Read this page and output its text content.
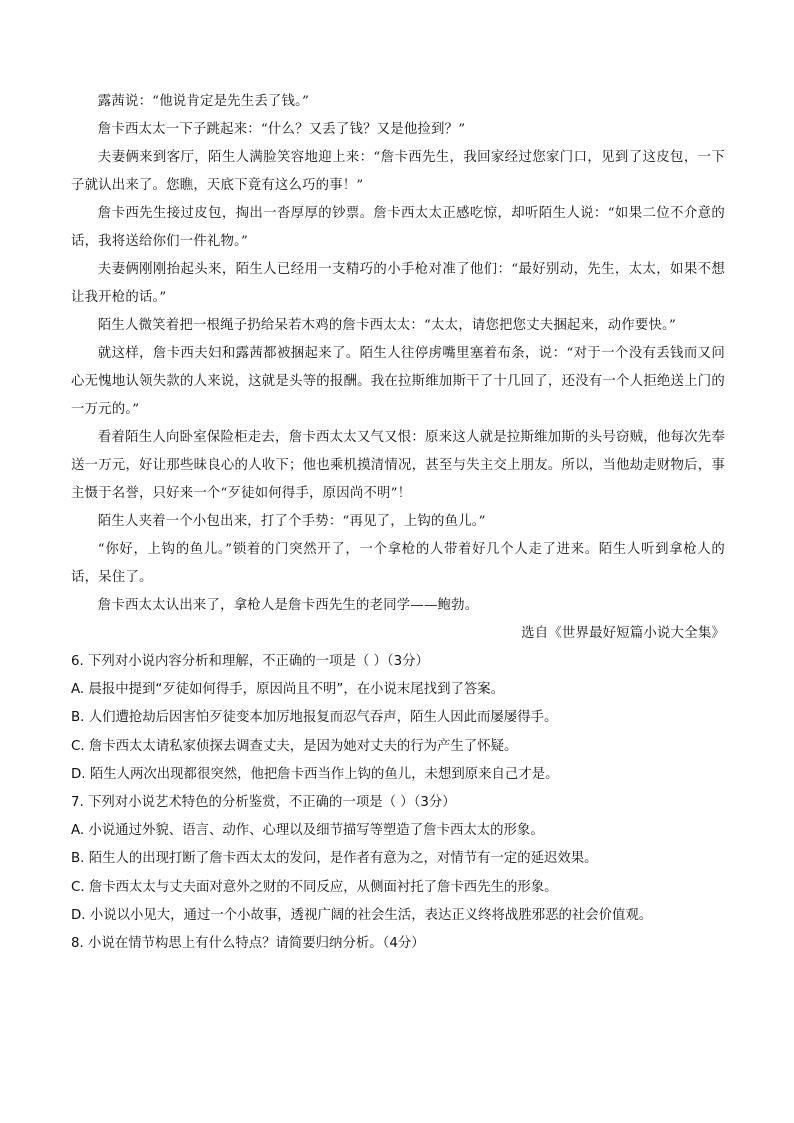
露茜说：“他说肯定是先生丢了钱。”

詹卡西太太一下子跳起来：“什么？又丢了钱？又是他捡到？”

夫妻俩来到客厅，陌生人满脸笑容地迎上来：“詹卡西先生，我回家经过您家门口，见到了这皮包，一下子就认出来了。您瞧，天底下竟有这么巧的事！”

詹卡西先生接过皮包，掏出一沓厚厚的钞票。詹卡西太太正感吃惊，却听陌生人说：“如果二位不介意的话，我将送给你们一件礼物。”

夫妻俩刚刚抬起头来，陌生人已经用一支精巧的小手枪对准了他们：“最好别动，先生，太太，如果不想让我开枪的话。”

陌生人微笑着把一根绳子扔给呆若木鸡的詹卡西太太：“太太，请您把您丈夫捆起来，动作要快。”

就这样，詹卡西夫妇和露茜都被捆起来了。陌生人往停虏嘴里塞着布条，说：“对于一个没有丢钱而又问心无愧地认领失款的人来说，这就是头等的报酬。我在拉斯维加斯干了十几回了，还没有一个人拒绝送上门的一万元的。”

看着陌生人向卧室保险柜走去，詹卡西太太又气又恨：原来这人就是拉斯维加斯的头号窃贼，他每次先奉送一万元，好让那些昧良心的人收下；他也乘机摸清情况，甚至与失主交上朋友。所以，当他劫走财物后，事主慑于名誉，只好来一个“歹徒如何得手，原因尚不明”！

陌生人夹着一个小包出来，打了个手势：“再见了，上钩的鱼儿。”

“你好，上钩的鱼儿。”锁着的门突然开了，一个拿枪的人带着好几个人走了进来。陌生人听到拿枪人的话，呆住了。

詹卡西太太认出来了，拿枪人是詹卡西先生的老同学——鲍勃。

选自《世界最好短篇小说大全集》

6. 下列对小说内容分析和理解，不正确的一项是（ ）（3分）

A. 晨报中提到“歹徒如何得手，原因尚且不明”，在小说末尾找到了答案。

B. 人们遭抢劫后因害怕歹徒变本加厉地报复而忍气吞声，陌生人因此而屡屡得手。

C. 詹卡西太太请私家侦探去调查丈夫，是因为她对丈夫的行为产生了怀疑。

D. 陌生人两次出现都很突然，他把詹卡西当作上钩的鱼儿，未想到原来自己才是。

7. 下列对小说艺术特色的分析鉴赏，不正确的一项是（ ）（3分）

A. 小说通过外貌、语言、动作、心理以及细节描写等塑造了詹卡西太太的形象。

B. 陌生人的出现打断了詹卡西太太的发问，是作者有意为之，对情节有一定的延迟效果。

C. 詹卡西太太与丈夫面对意外之财的不同反应，从侧面衬托了詹卡西先生的形象。

D. 小说以小见大，通过一个小故事，透视广阔的社会生活，表达正义终将战胜邪恶的社会价值观。

8. 小说在情节构思上有什么特点？请简要归纳分析。（4分）
